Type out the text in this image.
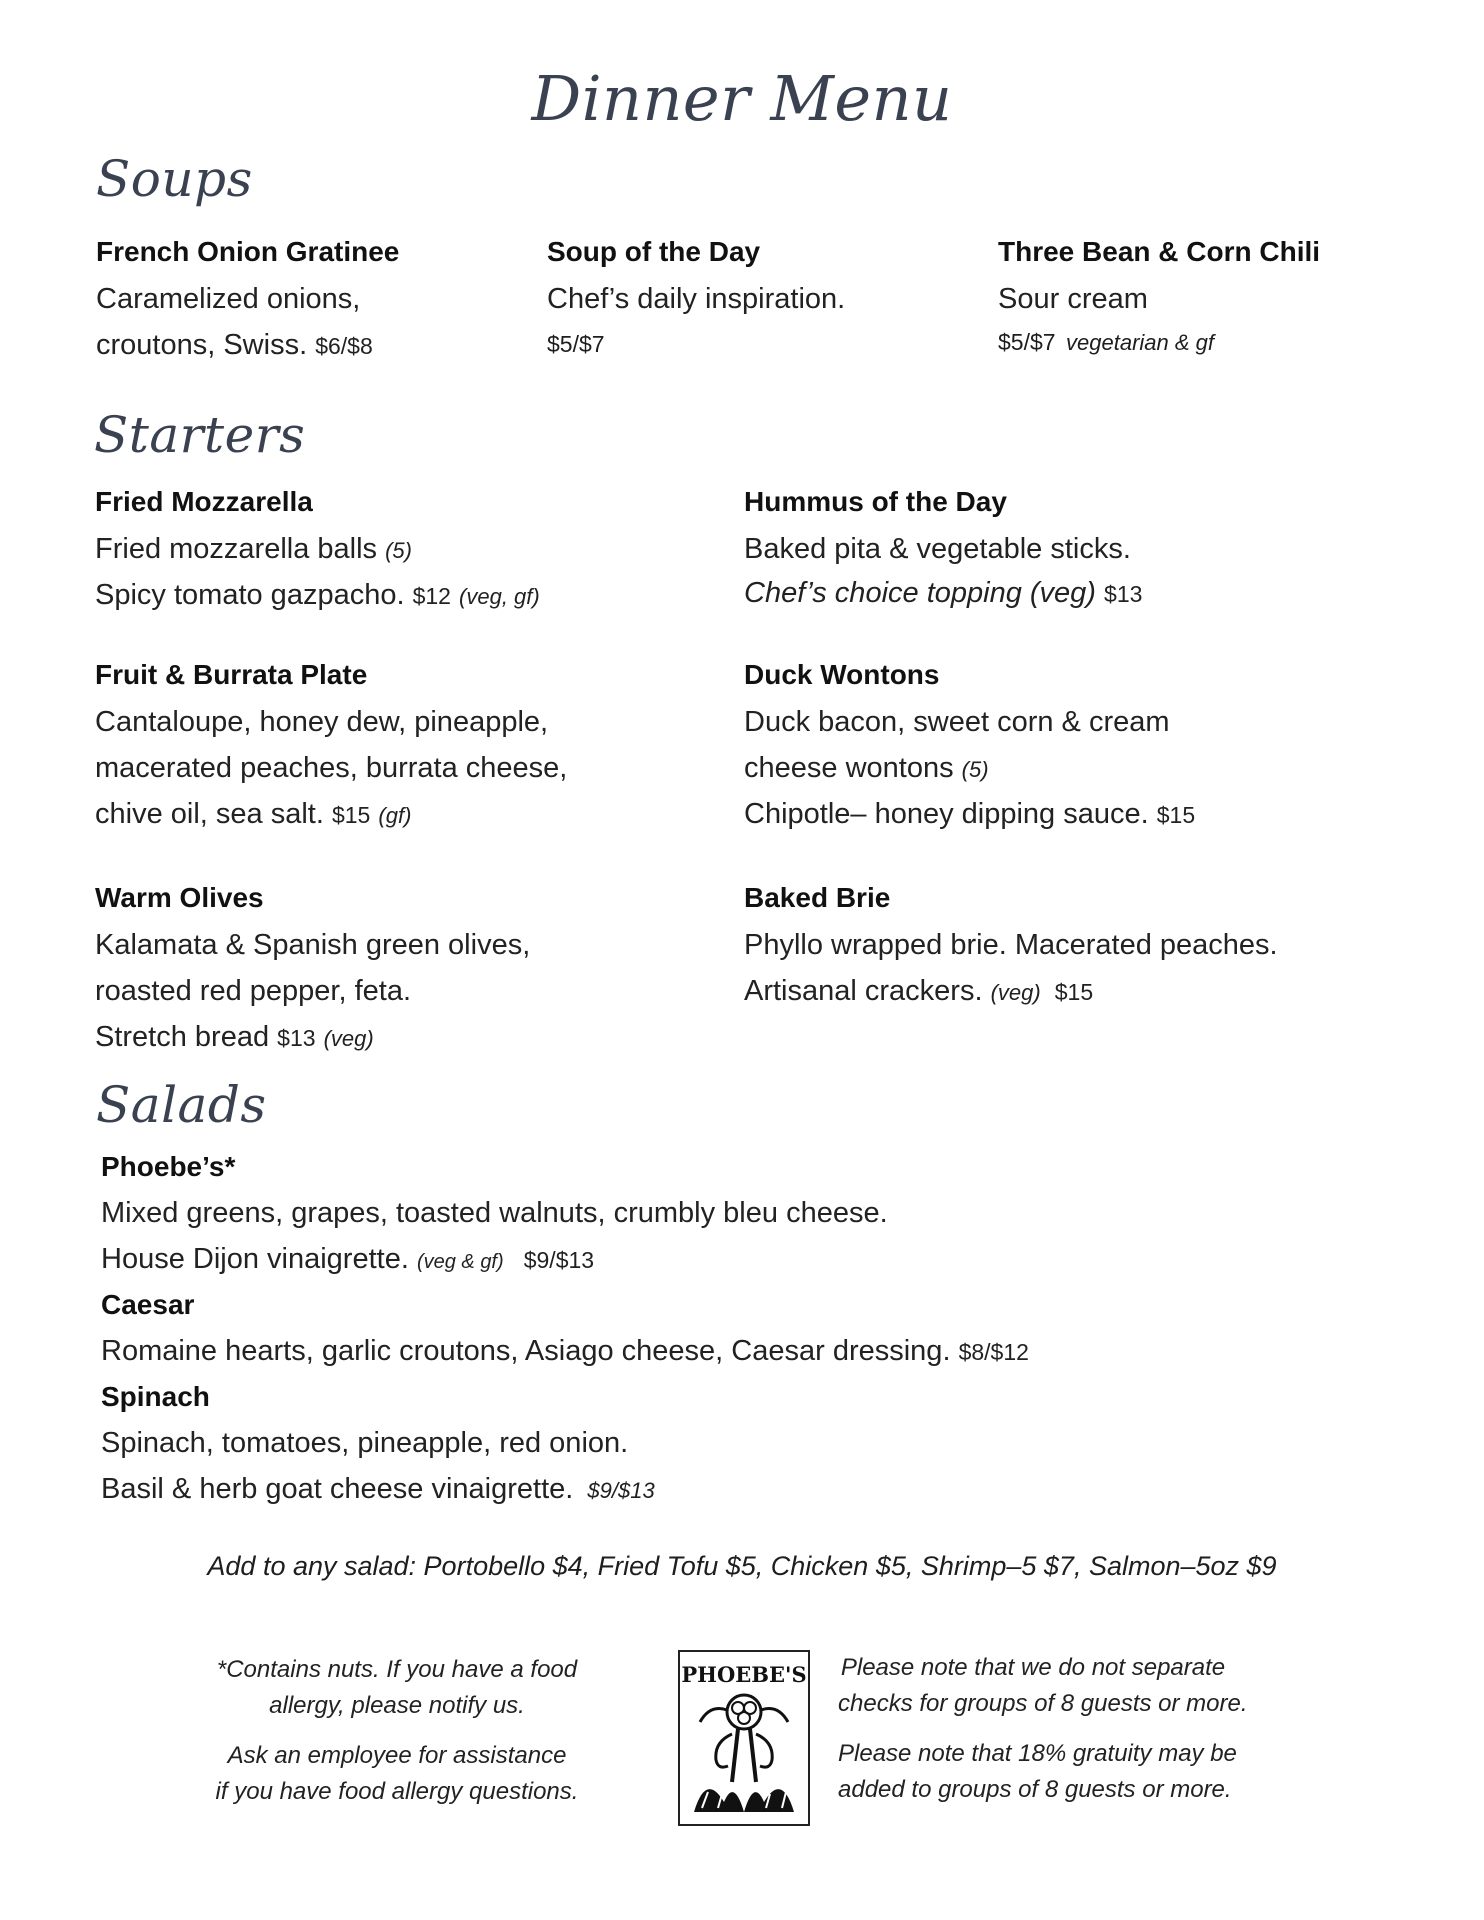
Dinner Menu
Soups
French Onion Gratinee
Caramelized onions,
croutons, Swiss. $6/$8
Soup of the Day
Chef’s daily inspiration.
$5/$7
Three Bean & Corn Chili
Sour cream
$5/$7 vegetarian & gf
Starters
Fried Mozzarella
Fried mozzarella balls (5)
Spicy tomato gazpacho. $12 (veg, gf)
Hummus of the Day
Baked pita & vegetable sticks.
Chef’s choice topping (veg) $13
Fruit & Burrata Plate
Cantaloupe, honey dew, pineapple,
macerated peaches, burrata cheese,
chive oil, sea salt. $15 (gf)
Duck Wontons
Duck bacon, sweet corn & cream
cheese wontons (5)
Chipotle– honey dipping sauce. $15
Warm Olives
Kalamata & Spanish green olives,
roasted red pepper, feta.
Stretch bread $13 (veg)
Baked Brie
Phyllo wrapped brie. Macerated peaches.
Artisanal crackers. (veg) $15
Salads
Phoebe’s*
Mixed greens, grapes, toasted walnuts, crumbly bleu cheese.
House Dijon vinaigrette. (veg & gf) $9/$13
Caesar
Romaine hearts, garlic croutons, Asiago cheese, Caesar dressing. $8/$12
Spinach
Spinach, tomatoes, pineapple, red onion.
Basil & herb goat cheese vinaigrette. $9/$13
Add to any salad: Portobello $4, Fried Tofu $5, Chicken $5, Shrimp–5 $7, Salmon–5oz $9
*Contains nuts. If you have a food
allergy, please notify us.
Ask an employee for assistance
if you have food allergy questions.
PHOEBE'S Please note that we do not separate
checks for groups of 8 guests or more.
Please note that 18% gratuity may be
added to groups of 8 guests or more.
